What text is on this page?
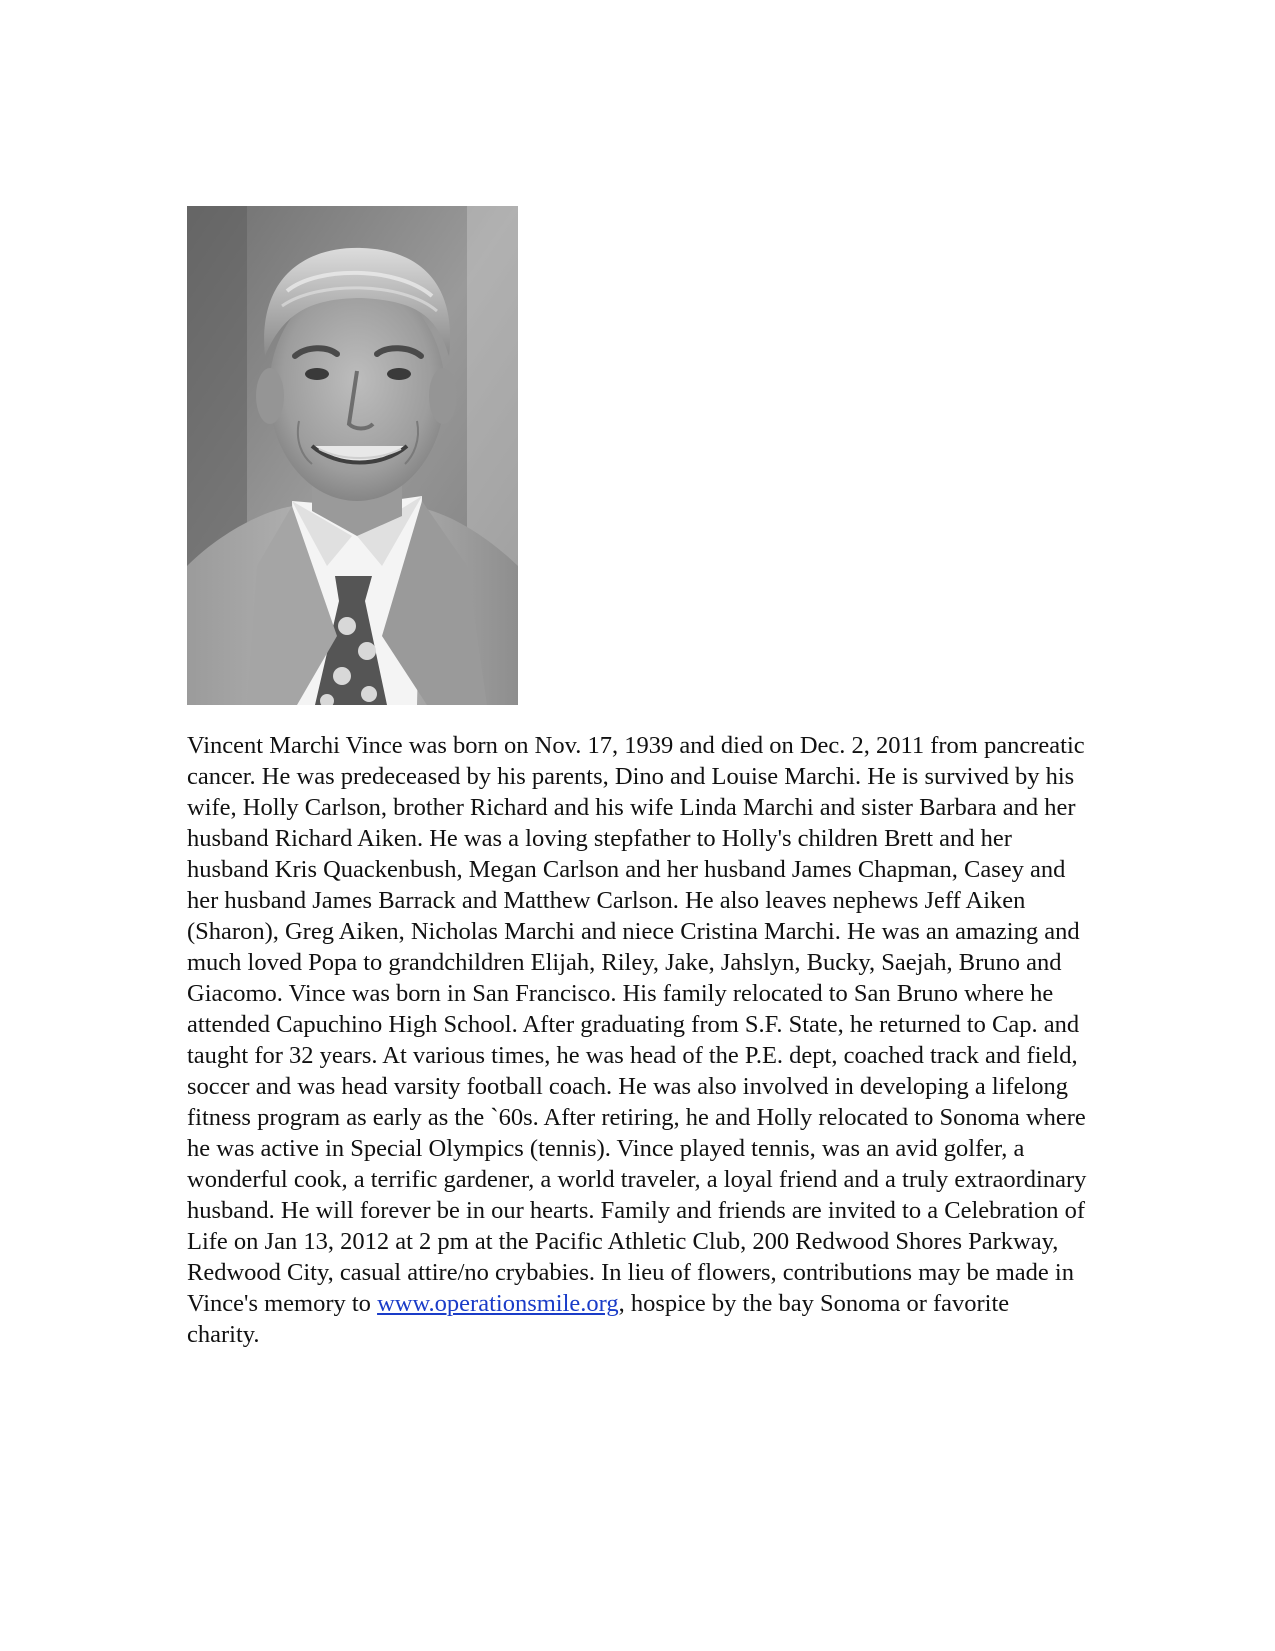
Vincent Marchi Vince was born on Nov. 17, 1939 and died on Dec. 2, 2011 from pancreatic cancer. He was predeceased by his parents, Dino and Louise Marchi. He is survived by his wife, Holly Carlson, brother Richard and his wife Linda Marchi and sister Barbara and her husband Richard Aiken. He was a loving stepfather to Holly's children Brett and her husband Kris Quackenbush, Megan Carlson and her husband James Chapman, Casey and her husband James Barrack and Matthew Carlson. He also leaves nephews Jeff Aiken (Sharon), Greg Aiken, Nicholas Marchi and niece Cristina Marchi. He was an amazing and much loved Popa to grandchildren Elijah, Riley, Jake, Jahslyn, Bucky, Saejah, Bruno and Giacomo. Vince was born in San Francisco. His family relocated to San Bruno where he attended Capuchino High School. After graduating from S.F. State, he returned to Cap. and taught for 32 years. At various times, he was head of the P.E. dept, coached track and field, soccer and was head varsity football coach. He was also involved in developing a lifelong fitness program as early as the `60s. After retiring, he and Holly relocated to Sonoma where he was active in Special Olympics (tennis). Vince played tennis, was an avid golfer, a wonderful cook, a terrific gardener, a world traveler, a loyal friend and a truly extraordinary husband. He will forever be in our hearts. Family and friends are invited to a Celebration of Life on Jan 13, 2012 at 2 pm at the Pacific Athletic Club, 200 Redwood Shores Parkway, Redwood City, casual attire/no crybabies. In lieu of flowers, contributions may be made in Vince's memory to www.operationsmile.org, hospice by the bay Sonoma or favorite charity.
